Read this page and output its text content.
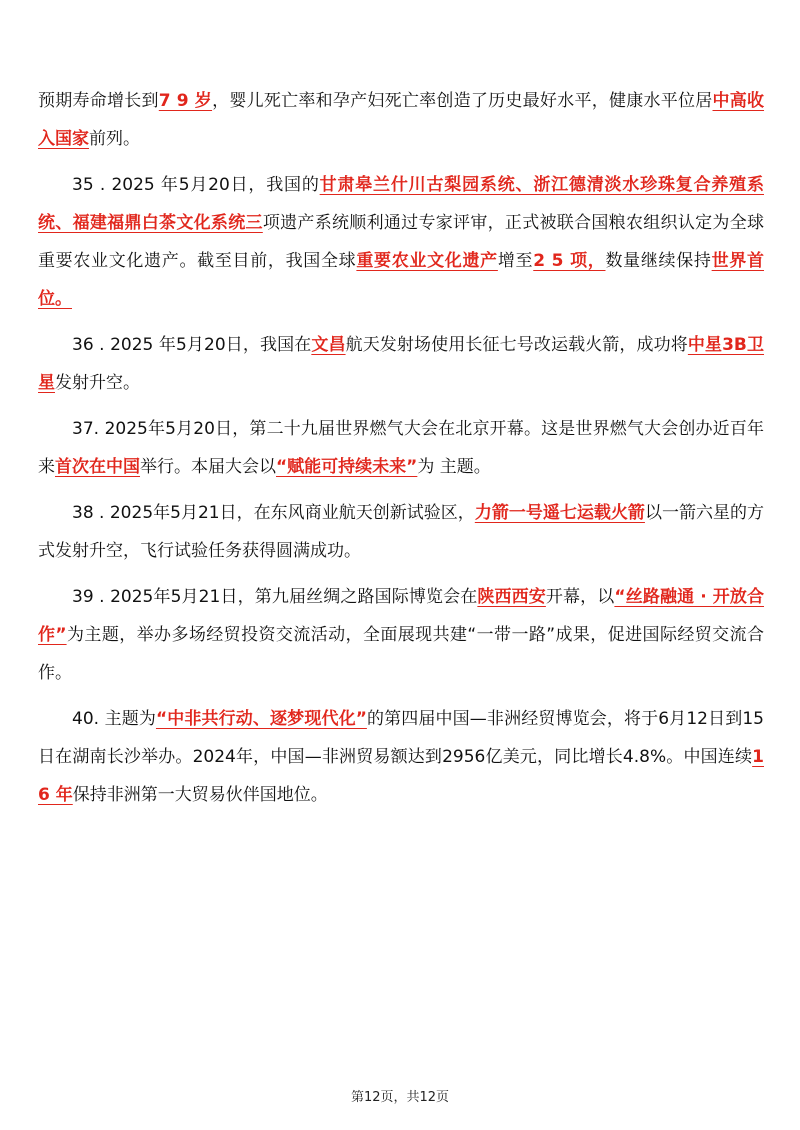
预期寿命增长到7 9 岁，婴儿死亡率和孕产妇死亡率创造了历史最好水平，健康水平位居中高收入国家前列。

35 . 2025 年5月20日，我国的甘肃皋兰什川古梨园系统、浙江德清淡水珍珠复合养殖系统、福建福鼎白茶文化系统三项遗产系统顺利通过专家评审，正式被联合国粮农组织认定为全球重要农业文化遗产。截至目前，我国全球重要农业文化遗产增至2 5 项，数量继续保持世界首位。

36 . 2025 年5月20日，我国在文昌航天发射场使用长征七号改运载火箭，成功将中星3B卫星发射升空。

37. 2025年5月20日，第二十九届世界燃气大会在北京开幕。这是世界燃气大会创办近百年来首次在中国举行。本届大会以“赋能可持续未来”为 主题。

38 . 2025年5月21日，在东风商业航天创新试验区，力箭一号遥七运载火箭以一箭六星的方式发射升空，飞行试验任务获得圆满成功。

39 . 2025年5月21日，第九届丝绸之路国际博览会在陕西西安开幕，以“丝路融通 · 开放合作”为主题，举办多场经贸投资交流活动，全面展现共建“一带一路”成果，促进国际经贸交流合作。

40. 主题为“中非共行动、逐梦现代化”的第四届中国—非洲经贸博览会，将于6月12日到15日在湖南长沙举办。2024年，中国—非洲贸易额达到2956亿美元，同比增长4.8%。中国连续1 6 年保持非洲第一大贸易伙伴国地位。

第12页，共12页
